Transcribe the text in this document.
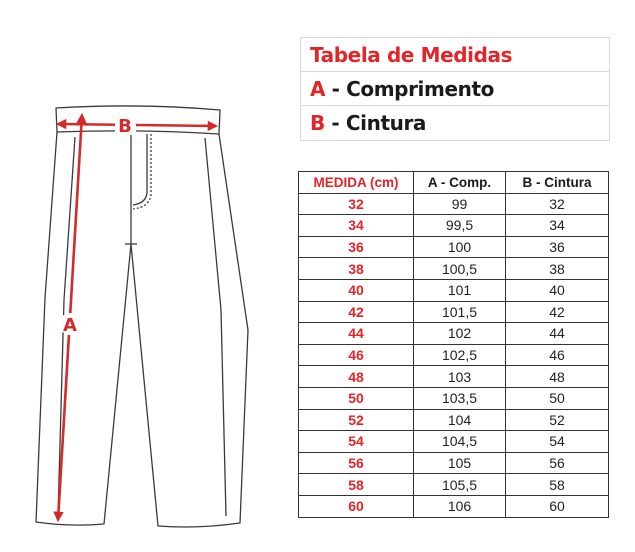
A
B
Tabela de Medidas
A - Comprimento
B - Cintura
MEDIDA (cm)	A - Comp.	B - Cintura
32	99	32
34	99,5	34
36	100	36
38	100,5	38
40	101	40
42	101,5	42
44	102	44
46	102,5	46
48	103	48
50	103,5	50
52	104	52
54	104,5	54
56	105	56
58	105,5	58
60	106	60
